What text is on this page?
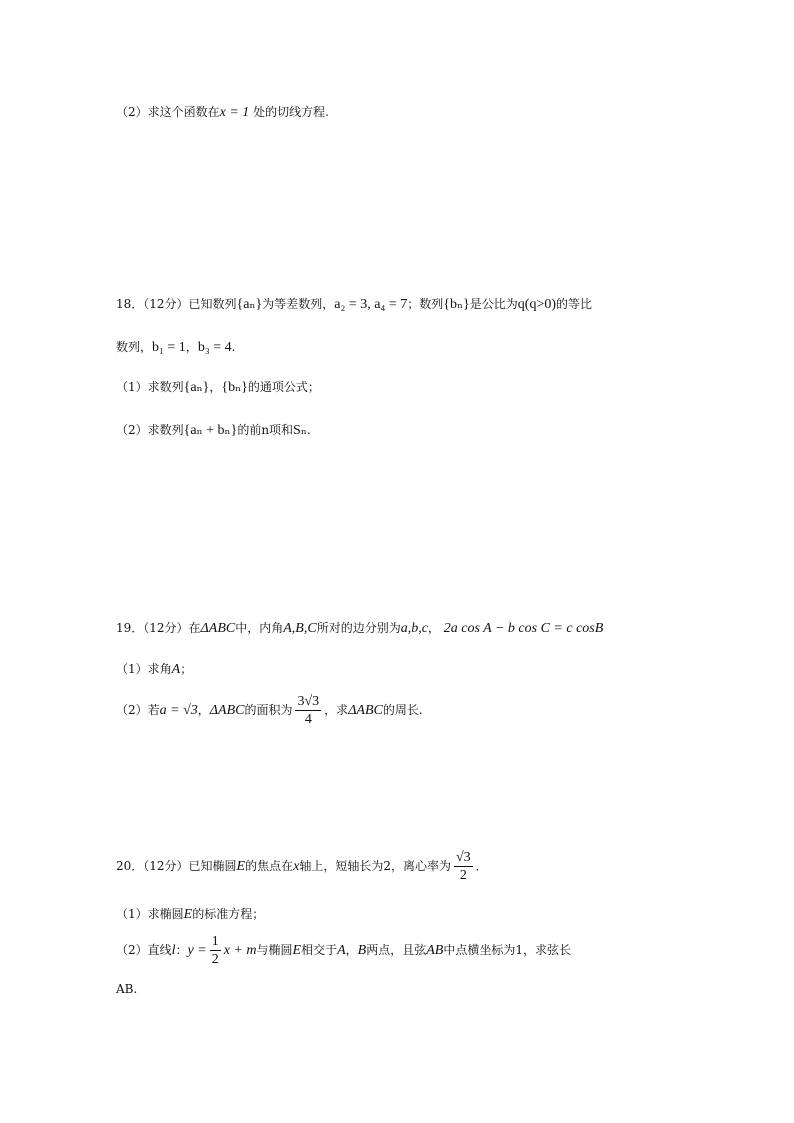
（2）求这个函数在x = 1 处的切线方程.
18．（12分）已知数列{aₙ}为等差数列，a₂ = 3, a₄ = 7；数列{bₙ}是公比为q(q>0)的等比
数列，b₁ = 1，b₃ = 4.
（1）求数列{aₙ}，{bₙ}的通项公式；
（2）求数列{aₙ + bₙ}的前n项和Sₙ.
19．（12分）在ΔABC中，内角A,B,C所对的边分别为a,b,c， 2a cos A − b cos C = c cosB
（1）求角A；
（2）若a = √3，ΔABC的面积为 $\frac{3√3}{4}$ ，求ΔABC的周长.
20．（12分）已知椭圆E的焦点在x轴上，短轴长为2，离心率为 $\frac{√3}{2}$ ．
（1）求椭圆E的标准方程；
（2）直线l：$y = \frac{1}{2}$ x + m与椭圆E相交于A，B两点，且弦AB中点横坐标为1，求弦长
AB.
